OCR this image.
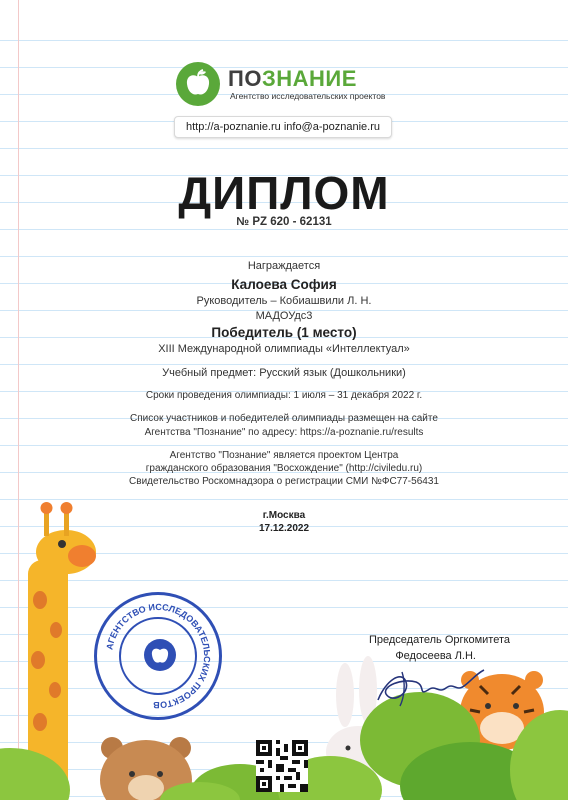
ПОЗНАНИЕ
Агентство исследовательских проектов
http://a-poznanie.ru info@a-poznanie.ru
ДИПЛОМ
№ PZ 620 - 62131
Награждается
Калоева София
Руководитель – Кобиашвили Л. Н.
МАДОУдс3
Победитель (1 место)
XIII Международной олимпиады «Интеллектуал»
Учебный предмет: Русский язык (Дошкольники)
Сроки проведения олимпиады: 1 июля – 31 декабря 2022 г.
Список участников и победителей олимпиады размещен на сайте
Агентства "Познание" по адресу: https://a-poznanie.ru/results
Агентство "Познание" является проектом Центра
гражданского образования "Восхождение" (http://civiledu.ru)
Свидетельство Роскомнадзора о регистрации СМИ №ФС77-56431
г.Москва
17.12.2022
АГЕНТСТВО ИССЛЕДОВАТЕЛЬСКИХ ПРОЕКТОВ
Председатель Оргкомитета
Федосеева Л.Н.
